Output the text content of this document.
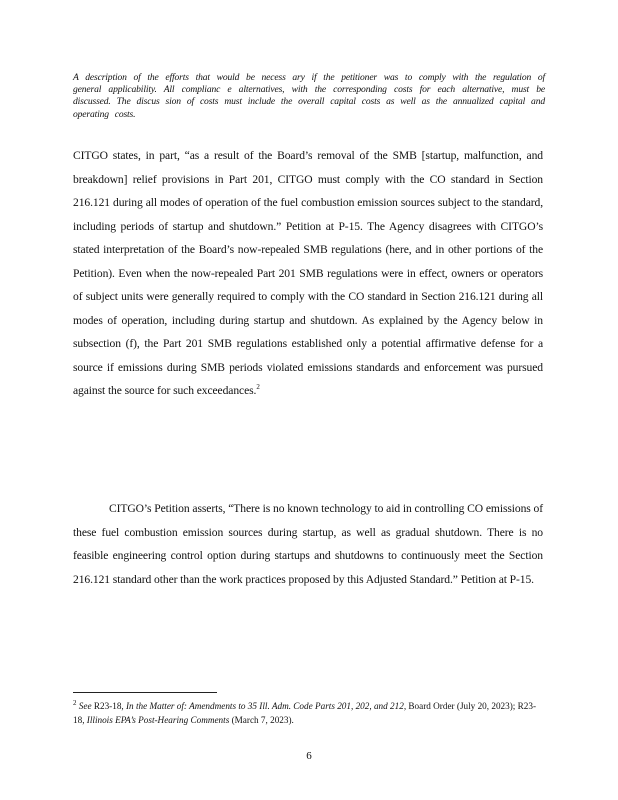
A description of the efforts that would be necess ary if the petitioner was to comply with the regulation of general applicability. All complianc e alternatives, with the corresponding costs for each alternative, must be discussed. The discus sion of costs must include the overall capital costs as well as the annualized capital and operating costs.
CITGO states, in part, “as a result of the Board’s removal of the SMB [startup, malfunction, and breakdown] relief provisions in Part 201, CITGO must comply with the CO standard in Section 216.121 during all modes of operation of the fuel combustion emission sources subject to the standard, including periods of startup and shutdown.” Petition at P-15. The Agency disagrees with CITGO’s stated interpretation of the Board’s now-repealed SMB regulations (here, and in other portions of the Petition). Even when the now-repealed Part 201 SMB regulations were in effect, owners or operators of subject units were generally required to comply with the CO standard in Section 216.121 during all modes of operation, including during startup and shutdown. As explained by the Agency below in subsection (f), the Part 201 SMB regulations established only a potential affirmative defense for a source if emissions during SMB periods violated emissions standards and enforcement was pursued against the source for such exceedances.$^2$
CITGO’s Petition asserts, “There is no known technology to aid in controlling CO emissions of these fuel combustion emission sources during startup, as well as gradual shutdown. There is no feasible engineering control option during startups and shutdowns to continuously meet the Section 216.121 standard other than the work practices proposed by this Adjusted Standard.” Petition at P-15.
$^2$ See R23-18, In the Matter of: Amendments to 35 Ill. Adm. Code Parts 201, 202, and 212, Board Order (July 20, 2023); R23-18, Illinois EPA’s Post-Hearing Comments (March 7, 2023).
6
